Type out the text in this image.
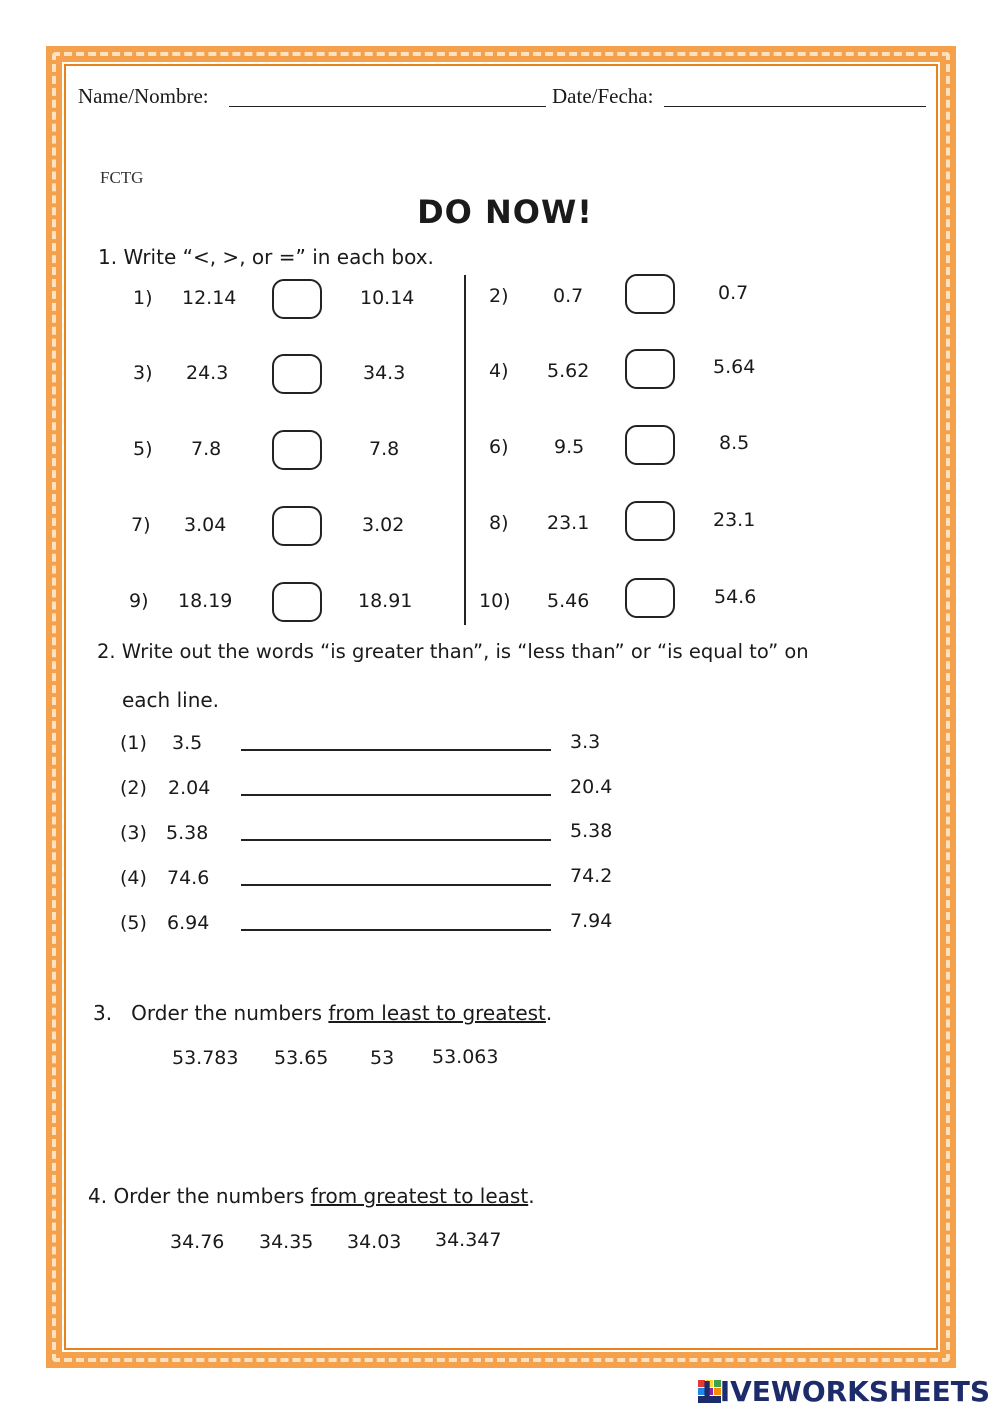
Name/Nombre:	Date/Fecha:
FCTG
DO NOW!
1. Write “<, >, or =” in each box.
1) 12.14	10.14	2) 0.7	0.7
3) 24.3	34.3	4) 5.62	5.64
5) 7.8	7.8	6) 9.5	8.5
7) 3.04	3.02	8) 23.1	23.1
9) 18.19	18.91	10) 5.46	54.6
2. Write out the words “is greater than”, is “less than” or “is equal to” on
each line.
(1) 3.5	3.3
(2) 2.04	20.4
(3) 5.38	5.38
(4) 74.6	74.2
(5) 6.94	7.94
3.   Order the numbers from least to greatest.
53.783 53.65 53 53.063
4. Order the numbers from greatest to least.
34.76 34.35 34.03 34.347
LIVEWORKSHEETS
